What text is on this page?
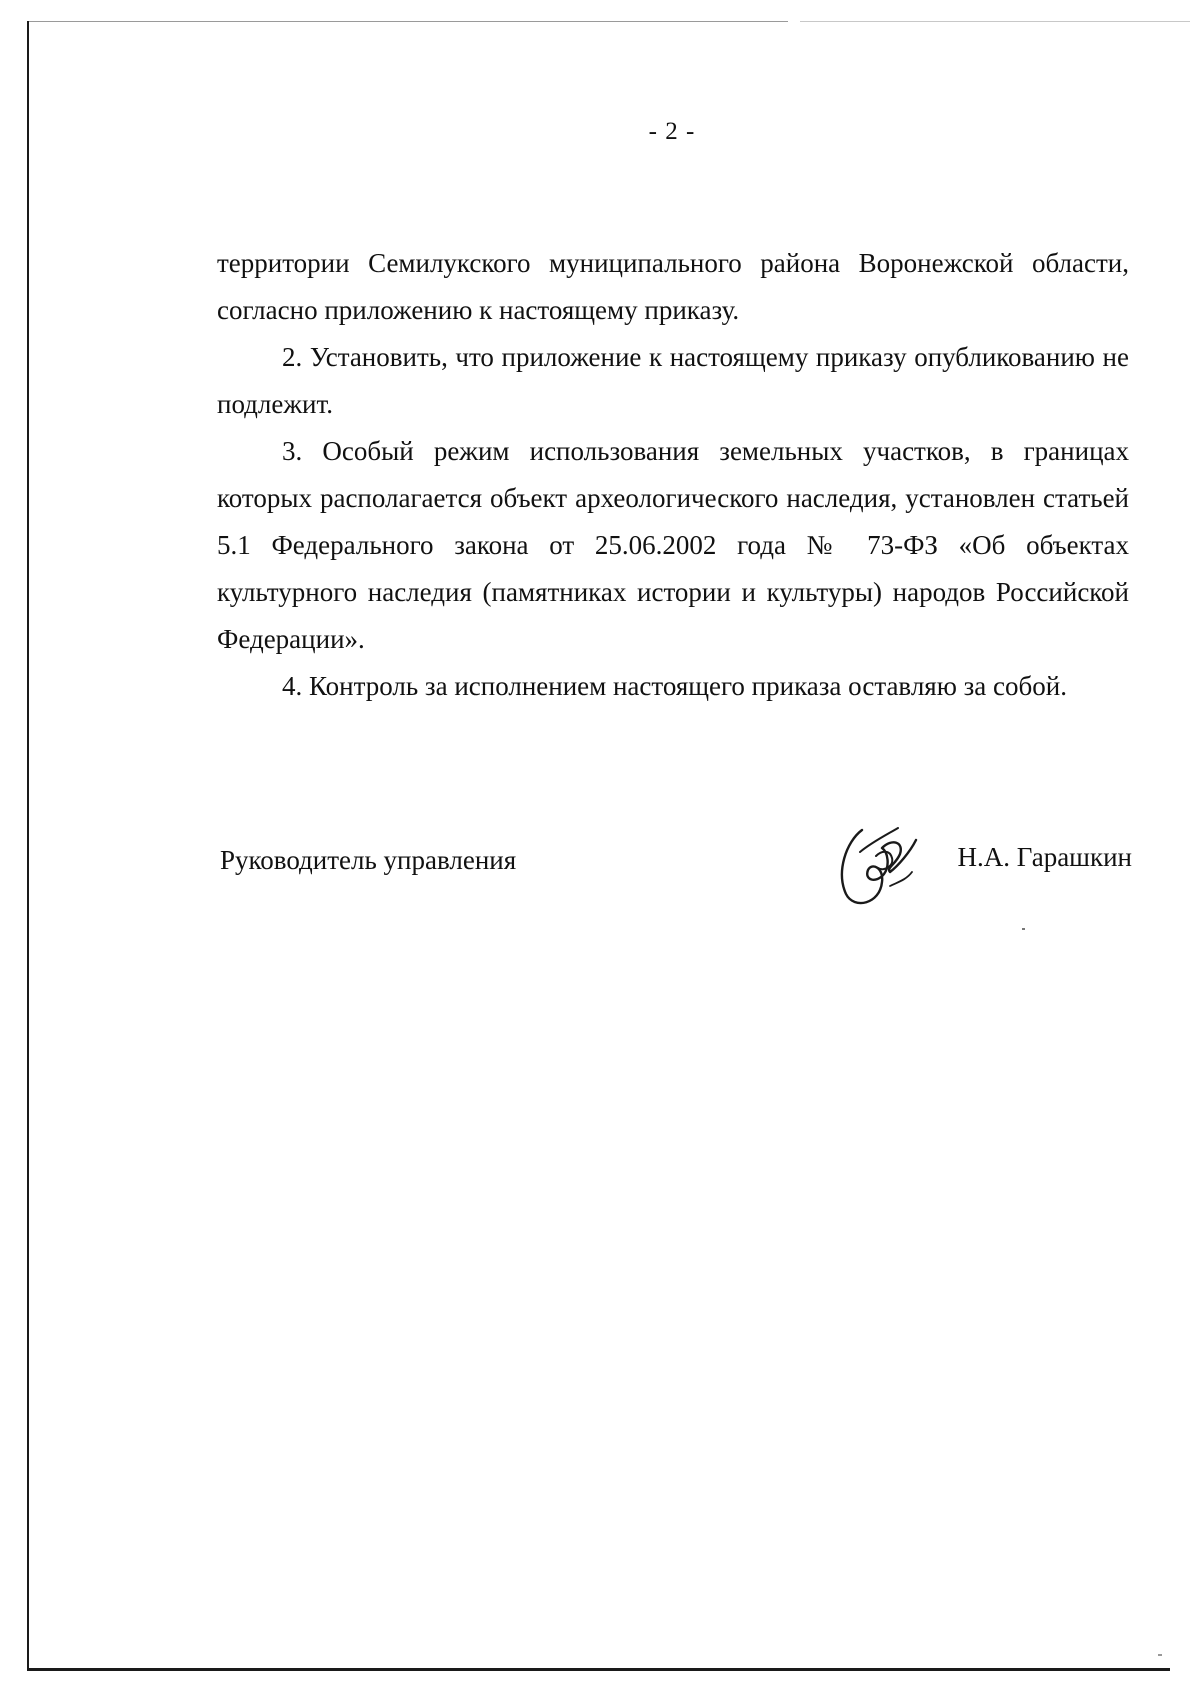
- 2 -

территории Семилукского муниципального района Воронежской области, согласно приложению к настоящему приказу.

2. Установить, что приложение к настоящему приказу опубликованию не подлежит.

3. Особый режим использования земельных участков, в границах которых располагается объект археологического наследия, установлен статьей 5.1 Федерального закона от 25.06.2002 года № 73-ФЗ «Об объектах культурного наследия (памятниках истории и культуры) народов Российской Федерации».

4. Контроль за исполнением настоящего приказа оставляю за собой.

Руководитель управления	Н.А. Гарашкин
